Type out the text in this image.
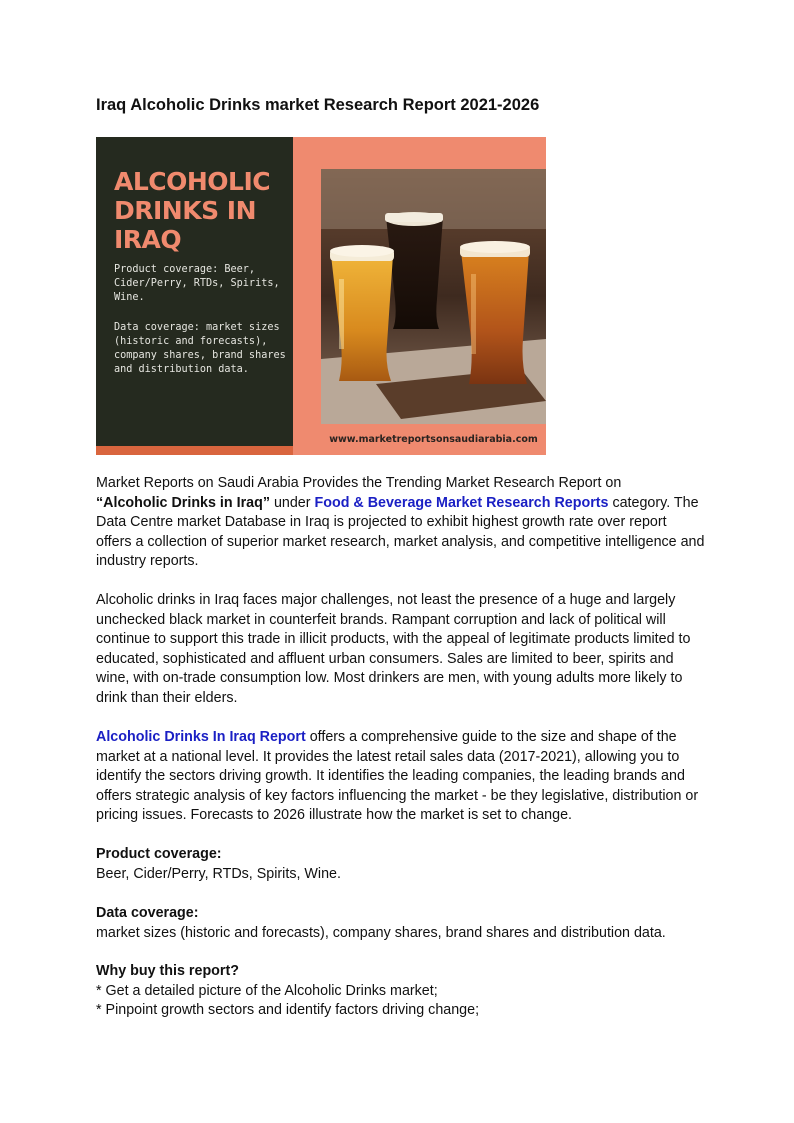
Iraq Alcoholic Drinks market Research Report 2021-2026

ALCOHOLIC DRINKS IN IRAQ

Product coverage: Beer, Cider/Perry, RTDs, Spirits, Wine.

Data coverage: market sizes (historic and forecasts), company shares, brand shares and distribution data.

www.marketreportsonsaudiarabia.com

Market Reports on Saudi Arabia Provides the Trending Market Research Report on
“Alcoholic Drinks in Iraq” under Food & Beverage Market Research Reports category. The Data Centre market Database in Iraq is projected to exhibit highest growth rate over report offers a collection of superior market research, market analysis, and competitive intelligence and industry reports.

Alcoholic drinks in Iraq faces major challenges, not least the presence of a huge and largely unchecked black market in counterfeit brands. Rampant corruption and lack of political will continue to support this trade in illicit products, with the appeal of legitimate products limited to educated, sophisticated and affluent urban consumers. Sales are limited to beer, spirits and wine, with on-trade consumption low. Most drinkers are men, with young adults more likely to drink than their elders.

Alcoholic Drinks In Iraq Report offers a comprehensive guide to the size and shape of the market at a national level. It provides the latest retail sales data (2017-2021), allowing you to identify the sectors driving growth. It identifies the leading companies, the leading brands and offers strategic analysis of key factors influencing the market - be they legislative, distribution or pricing issues. Forecasts to 2026 illustrate how the market is set to change.

Product coverage:

Beer, Cider/Perry, RTDs, Spirits, Wine.

Data coverage:

market sizes (historic and forecasts), company shares, brand shares and distribution data.

Why buy this report?

* Get a detailed picture of the Alcoholic Drinks market;

* Pinpoint growth sectors and identify factors driving change;
